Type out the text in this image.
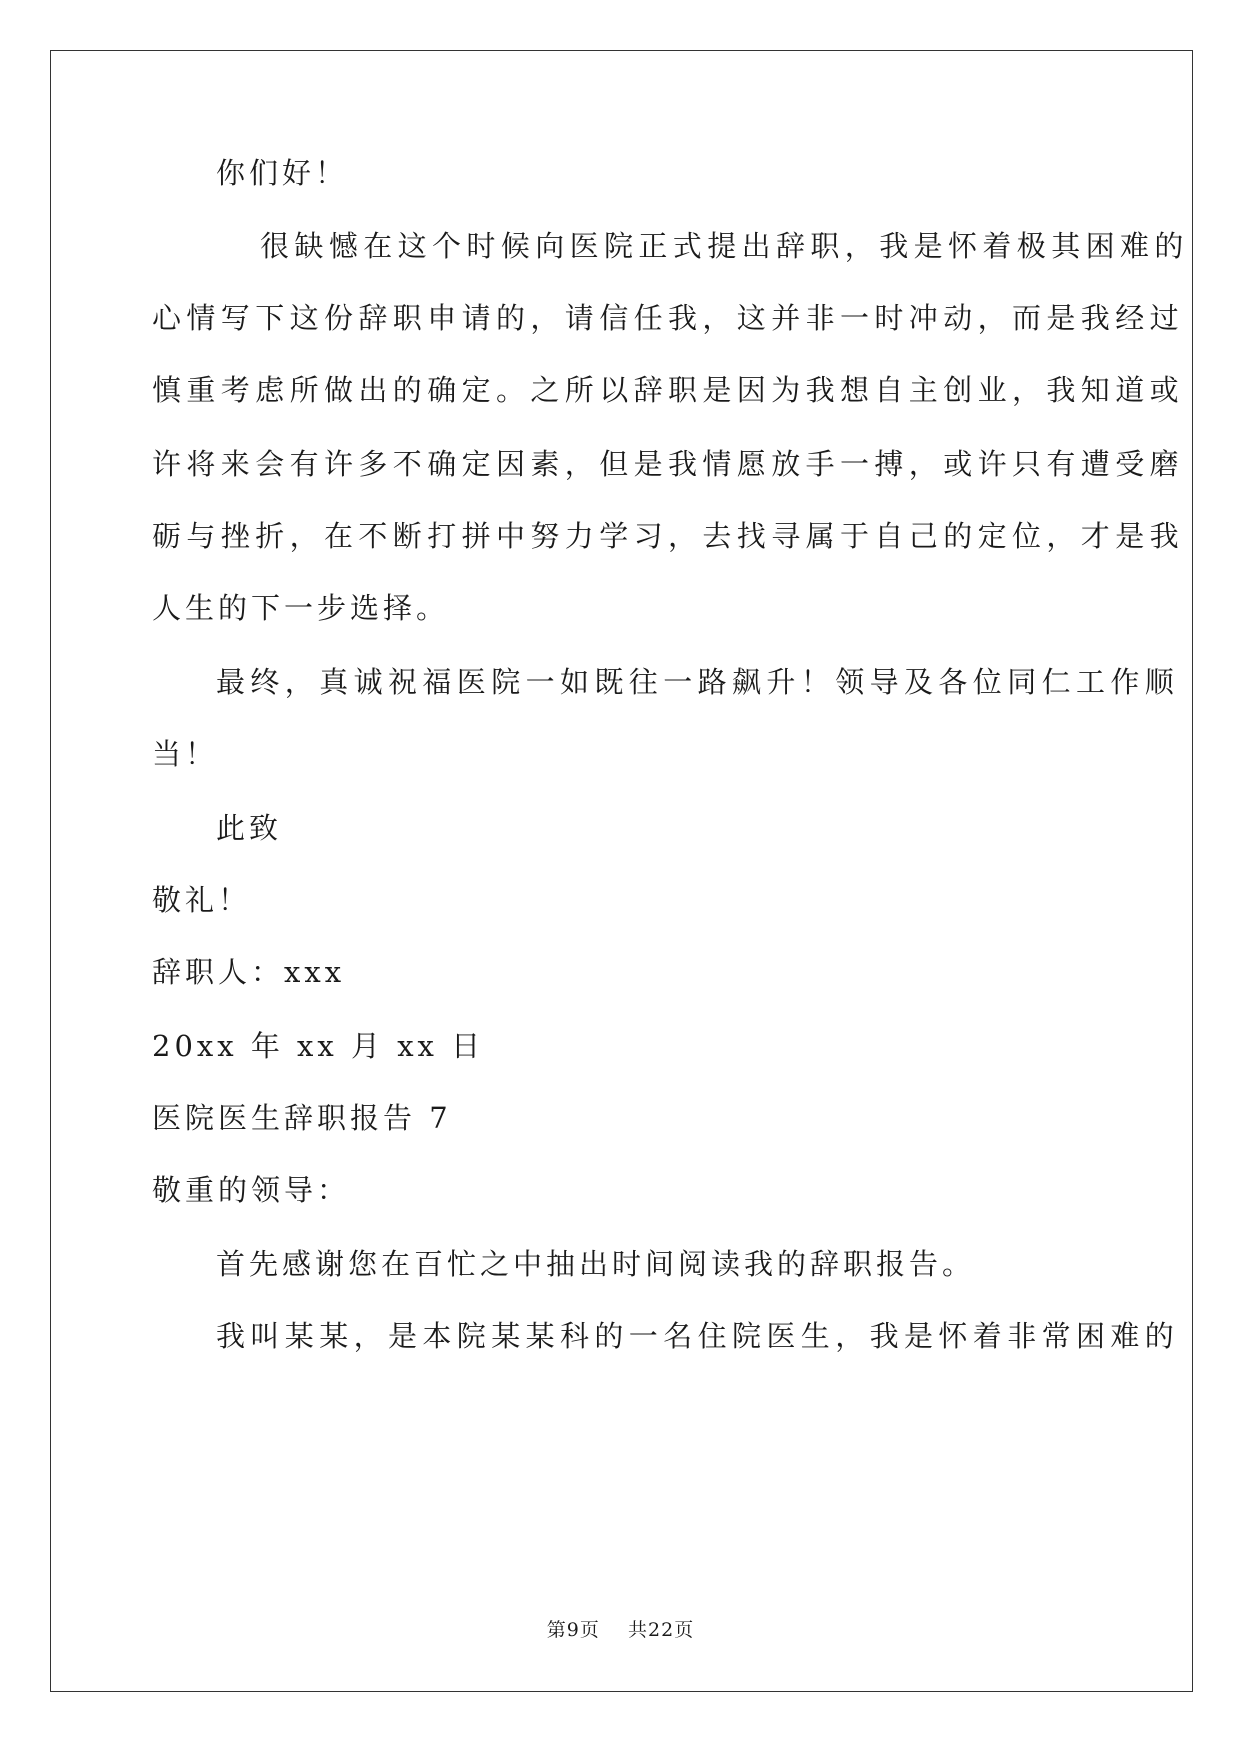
你们好！
很缺憾在这个时候向医院正式提出辞职，我是怀着极其困难的
心情写下这份辞职申请的，请信任我，这并非一时冲动，而是我经过
慎重考虑所做出的确定。之所以辞职是因为我想自主创业，我知道或
许将来会有许多不确定因素，但是我情愿放手一搏，或许只有遭受磨
砺与挫折，在不断打拼中努力学习，去找寻属于自己的定位，才是我
人生的下一步选择。
最终，真诚祝福医院一如既往一路飙升！领导及各位同仁工作顺
当！
此致
敬礼！
辞职人：xxx
20xx 年 xx 月 xx 日
医院医生辞职报告 7
敬重的领导：
首先感谢您在百忙之中抽出时间阅读我的辞职报告。
我叫某某，是本院某某科的一名住院医生，我是怀着非常困难的
第9页 共22页
